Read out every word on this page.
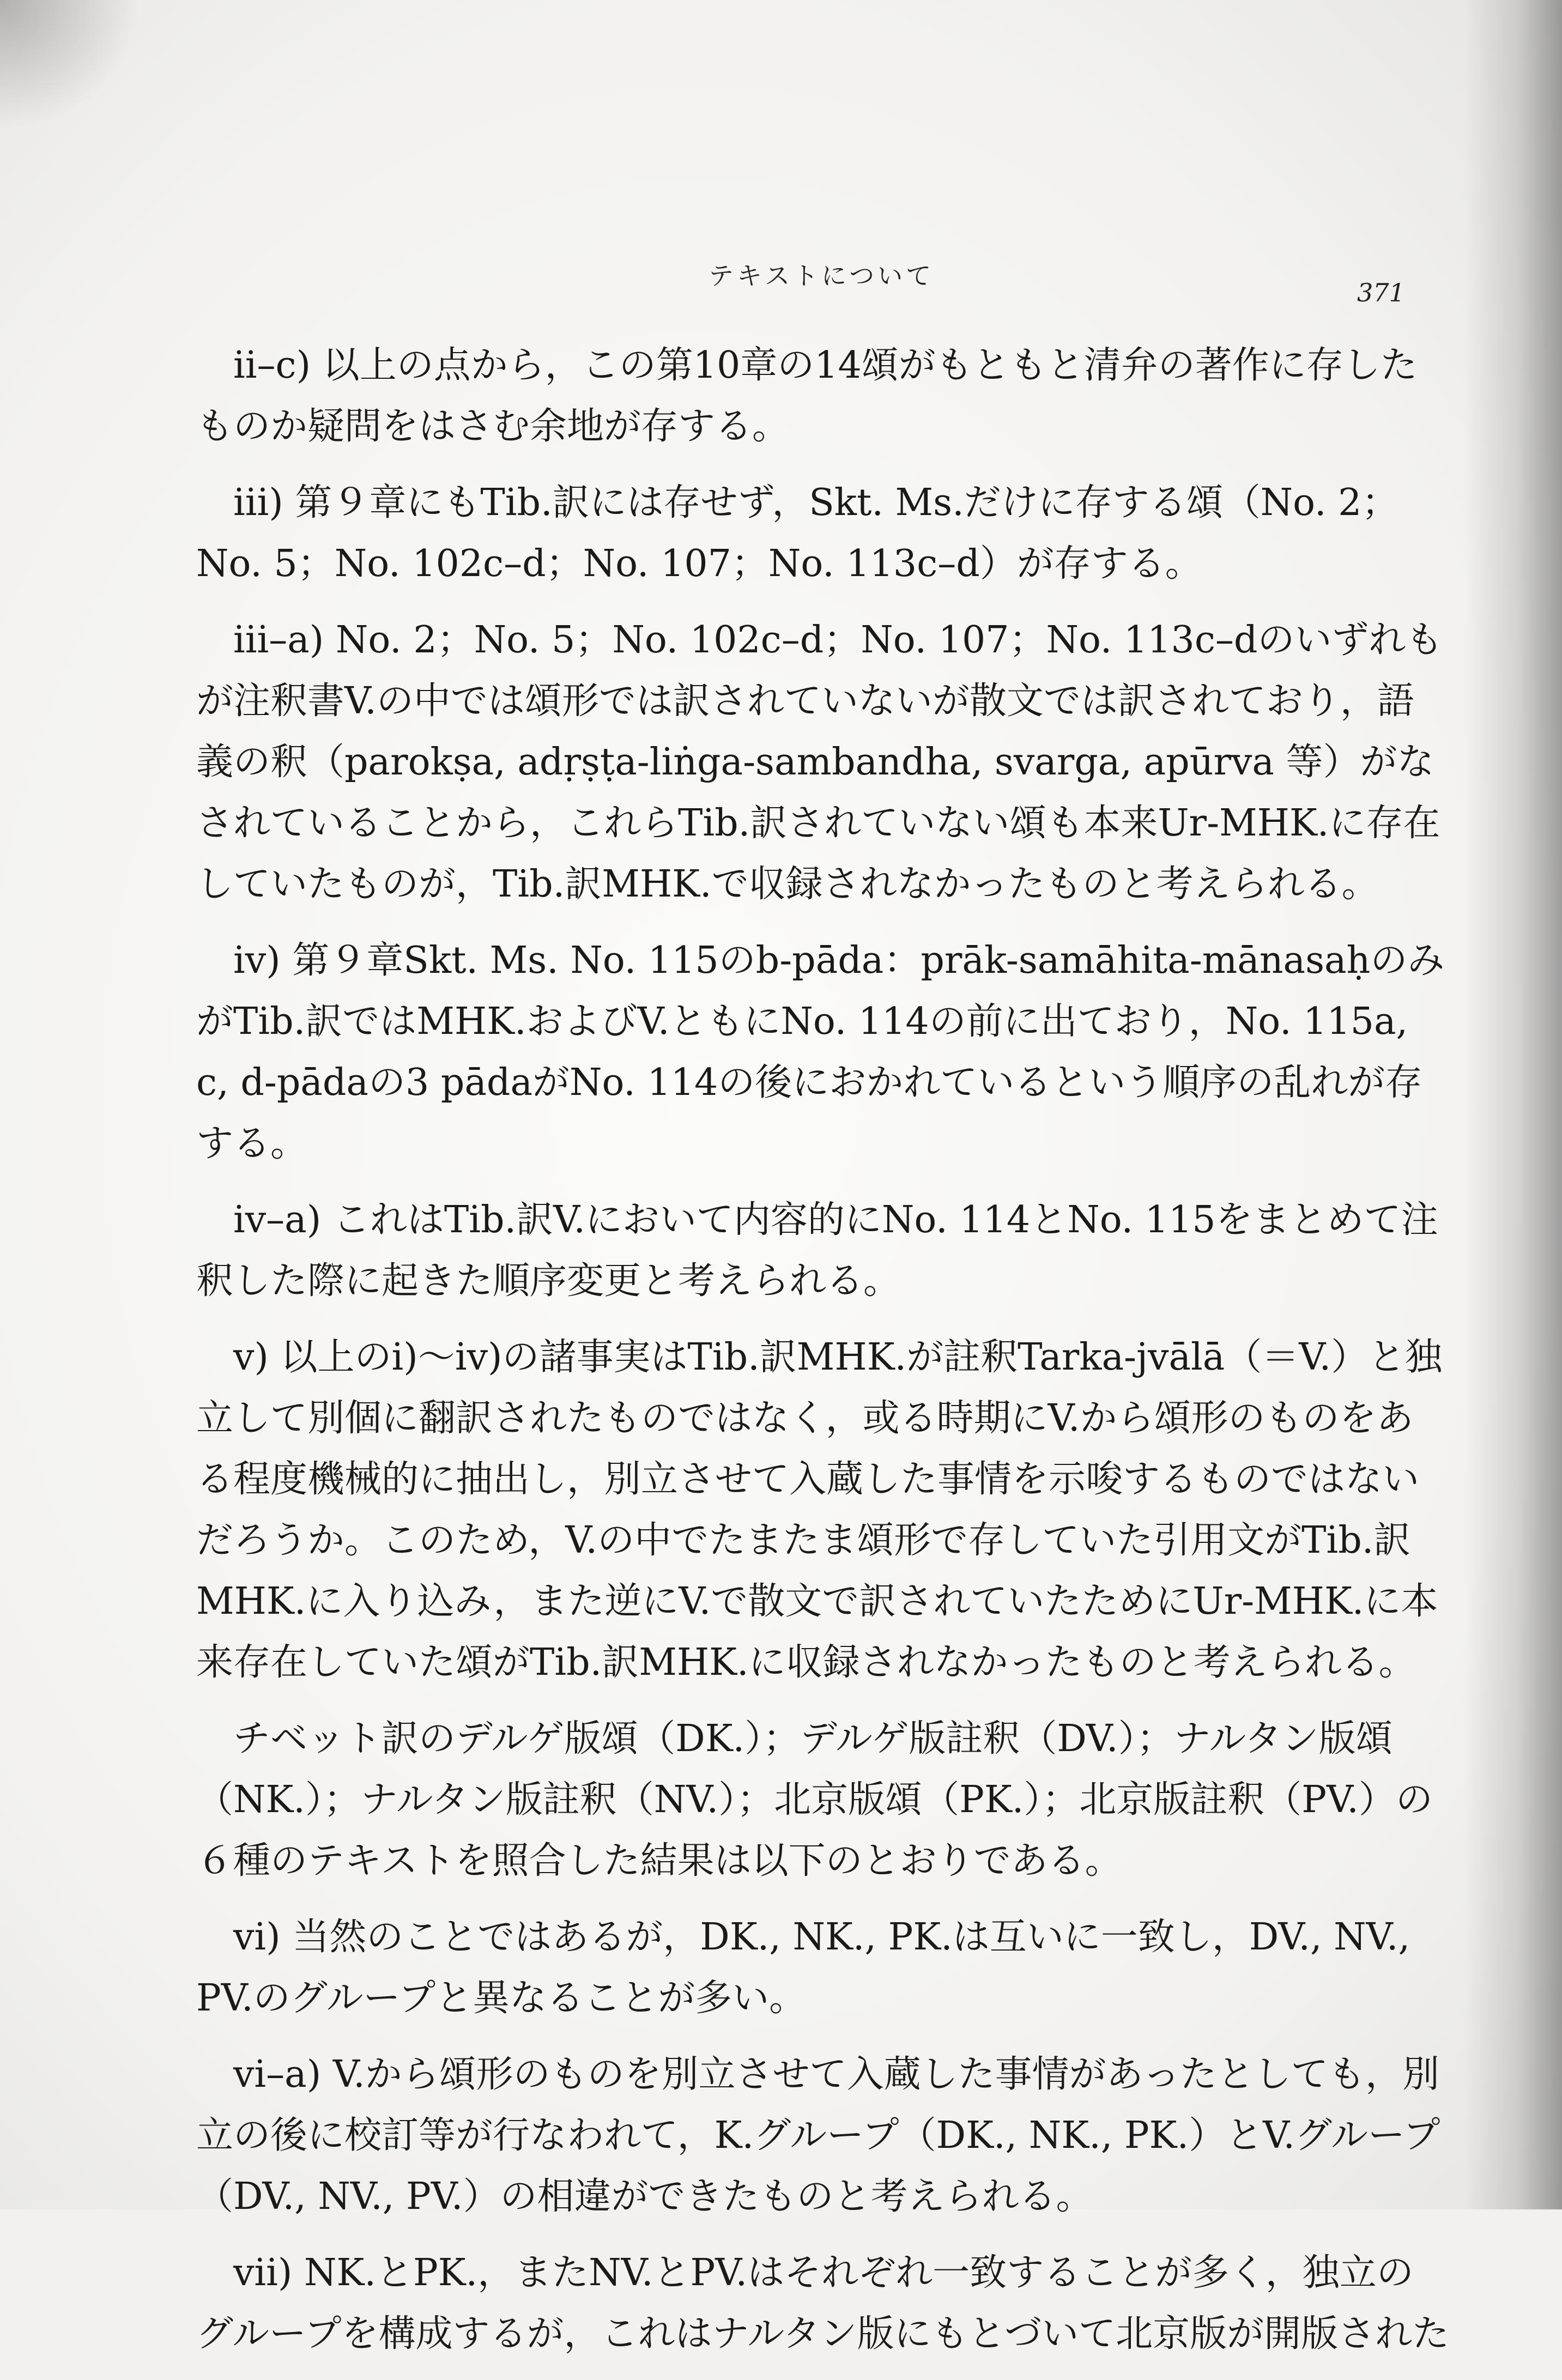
テキストについて
371

ii–c) 以上の点から，この第10章の14頌がもともと清弁の著作に存したものか疑問をはさむ余地が存する。

iii) 第９章にもTib.訳には存せず，Skt. Ms.だけに存する頌（No. 2；No. 5；No. 102c–d；No. 107；No. 113c–d）が存する。

iii–a) No. 2；No. 5；No. 102c–d；No. 107；No. 113c–dのいずれもが注釈書V.の中では頌形では訳されていないが散文では訳されており，語義の釈（parokṣa, adṛṣṭa-liṅga-sambandha, svarga, apūrva 等）がなされていることから，これらTib.訳されていない頌も本来Ur-MHK.に存在していたものが，Tib.訳MHK.で収録されなかったものと考えられる。

iv) 第９章Skt. Ms. No. 115のb-pāda：prāk-samāhita-mānasaḥのみがTib.訳ではMHK.およびV.ともにNo. 114の前に出ており，No. 115a, c, d-pādaの3 pādaがNo. 114の後におかれているという順序の乱れが存する。

iv–a) これはTib.訳V.において内容的にNo. 114とNo. 115をまとめて注釈した際に起きた順序変更と考えられる。

v) 以上のi)〜iv)の諸事実はTib.訳MHK.が註釈Tarka-jvālā（＝V.）と独立して別個に翻訳されたものではなく，或る時期にV.から頌形のものをある程度機械的に抽出し，別立させて入蔵した事情を示唆するものではないだろうか。このため，V.の中でたまたま頌形で存していた引用文がTib.訳MHK.に入り込み，また逆にV.で散文で訳されていたためにUr-MHK.に本来存在していた頌がTib.訳MHK.に収録されなかったものと考えられる。

チベット訳のデルゲ版頌（DK.）；デルゲ版註釈（DV.）；ナルタン版頌（NK.）；ナルタン版註釈（NV.）；北京版頌（PK.）；北京版註釈（PV.）の６種のテキストを照合した結果は以下のとおりである。

vi) 当然のことではあるが，DK., NK., PK.は互いに一致し，DV., NV., PV.のグループと異なることが多い。

vi–a) V.から頌形のものを別立させて入蔵した事情があったとしても，別立の後に校訂等が行なわれて，K.グループ（DK., NK., PK.）とV.グループ（DV., NV., PV.）の相違ができたものと考えられる。

vii) NK.とPK.，またNV.とPV.はそれぞれ一致することが多く，独立のグループを構成するが，これはナルタン版にもとづいて北京版が開版された
